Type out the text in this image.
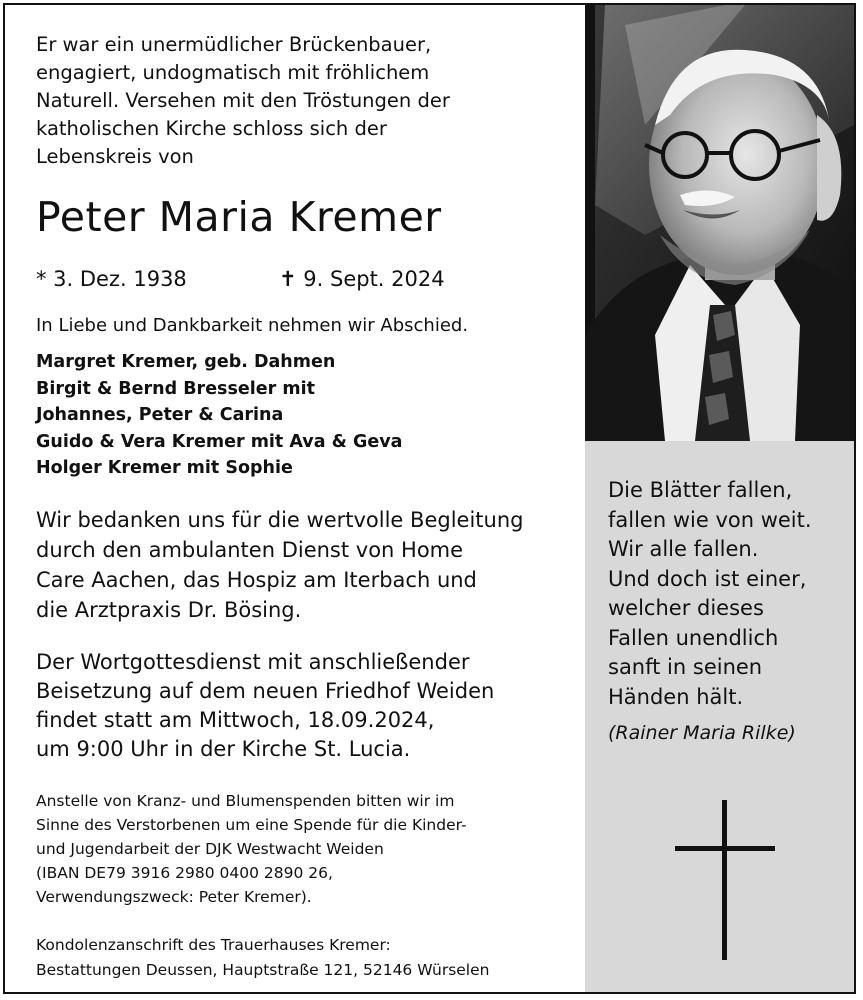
Er war ein unermüdlicher Brückenbauer,

engagiert, undogmatisch mit fröhlichem

Naturell. Versehen mit den Tröstungen der

katholischen Kirche schloss sich der

Lebenskreis von

Peter Maria Kremer
* 3. Dez. 1938	✝ 9. Sept. 2024
In Liebe und Dankbarkeit nehmen wir Abschied.
Margret Kremer, geb. Dahmen
Birgit & Bernd Bresseler mit
Johannes, Peter & Carina
Guido & Vera Kremer mit Ava & Geva
Holger Kremer mit Sophie
Wir bedanken uns für die wertvolle Begleitung
durch den ambulanten Dienst von Home
Care Aachen, das Hospiz am Iterbach und
die Arztpraxis Dr. Bösing.
Der Wortgottesdienst mit anschließender
Beisetzung auf dem neuen Friedhof Weiden
findet statt am Mittwoch, 18.09.2024,
um 9:00 Uhr in der Kirche St. Lucia.
Anstelle von Kranz- und Blumenspenden bitten wir im
Sinne des Verstorbenen um eine Spende für die Kinder-
und Jugendarbeit der DJK Westwacht Weiden
(IBAN DE79 3916 2980 0400 2890 26,
Verwendungszweck: Peter Kremer).
Kondolenzanschrift des Trauerhauses Kremer:
Bestattungen Deussen, Hauptstraße 121, 52146 Würselen
Die Blätter fallen,
fallen wie von weit.
Wir alle fallen.
Und doch ist einer,
welcher dieses
Fallen unendlich
sanft in seinen
Händen hält.
(Rainer Maria Rilke)
